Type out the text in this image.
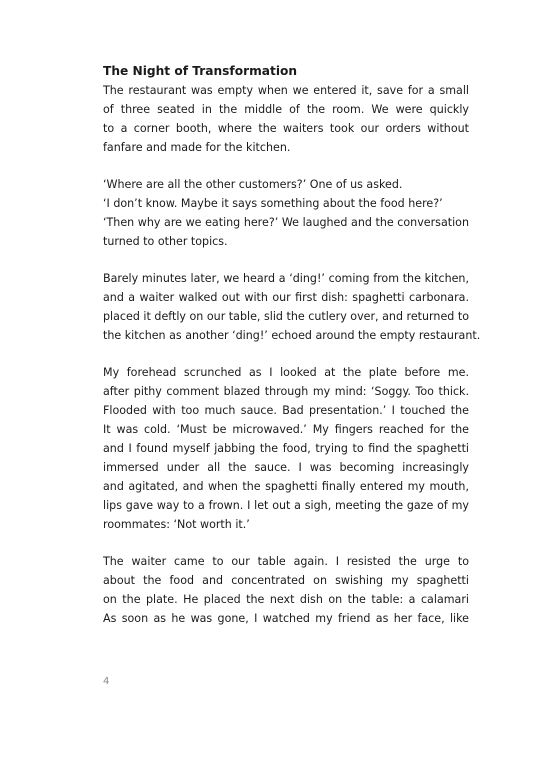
The Night of Transformation
The restaurant was empty when we entered it, save for a small
of three seated in the middle of the room. We were quickly
to a corner booth, where the waiters took our orders without
fanfare and made for the kitchen.
‘Where are all the other customers?’ One of us asked.
‘I don’t know. Maybe it says something about the food here?’
‘Then why are we eating here?’ We laughed and the conversation
turned to other topics.
Barely minutes later, we heard a ‘ding!’ coming from the kitchen,
and a waiter walked out with our first dish: spaghetti carbonara.
placed it deftly on our table, slid the cutlery over, and returned to
the kitchen as another ‘ding!’ echoed around the empty restaurant.
My forehead scrunched as I looked at the plate before me.
after pithy comment blazed through my mind: ‘Soggy. Too thick.
Flooded with too much sauce. Bad presentation.’ I touched the
It was cold. ‘Must be microwaved.’ My fingers reached for the
and I found myself jabbing the food, trying to find the spaghetti
immersed under all the sauce. I was becoming increasingly
and agitated, and when the spaghetti finally entered my mouth,
lips gave way to a frown. I let out a sigh, meeting the gaze of my
roommates: ‘Not worth it.’
The waiter came to our table again. I resisted the urge to
about the food and concentrated on swishing my spaghetti
on the plate. He placed the next dish on the table: a calamari
As soon as he was gone, I watched my friend as her face, like
4
